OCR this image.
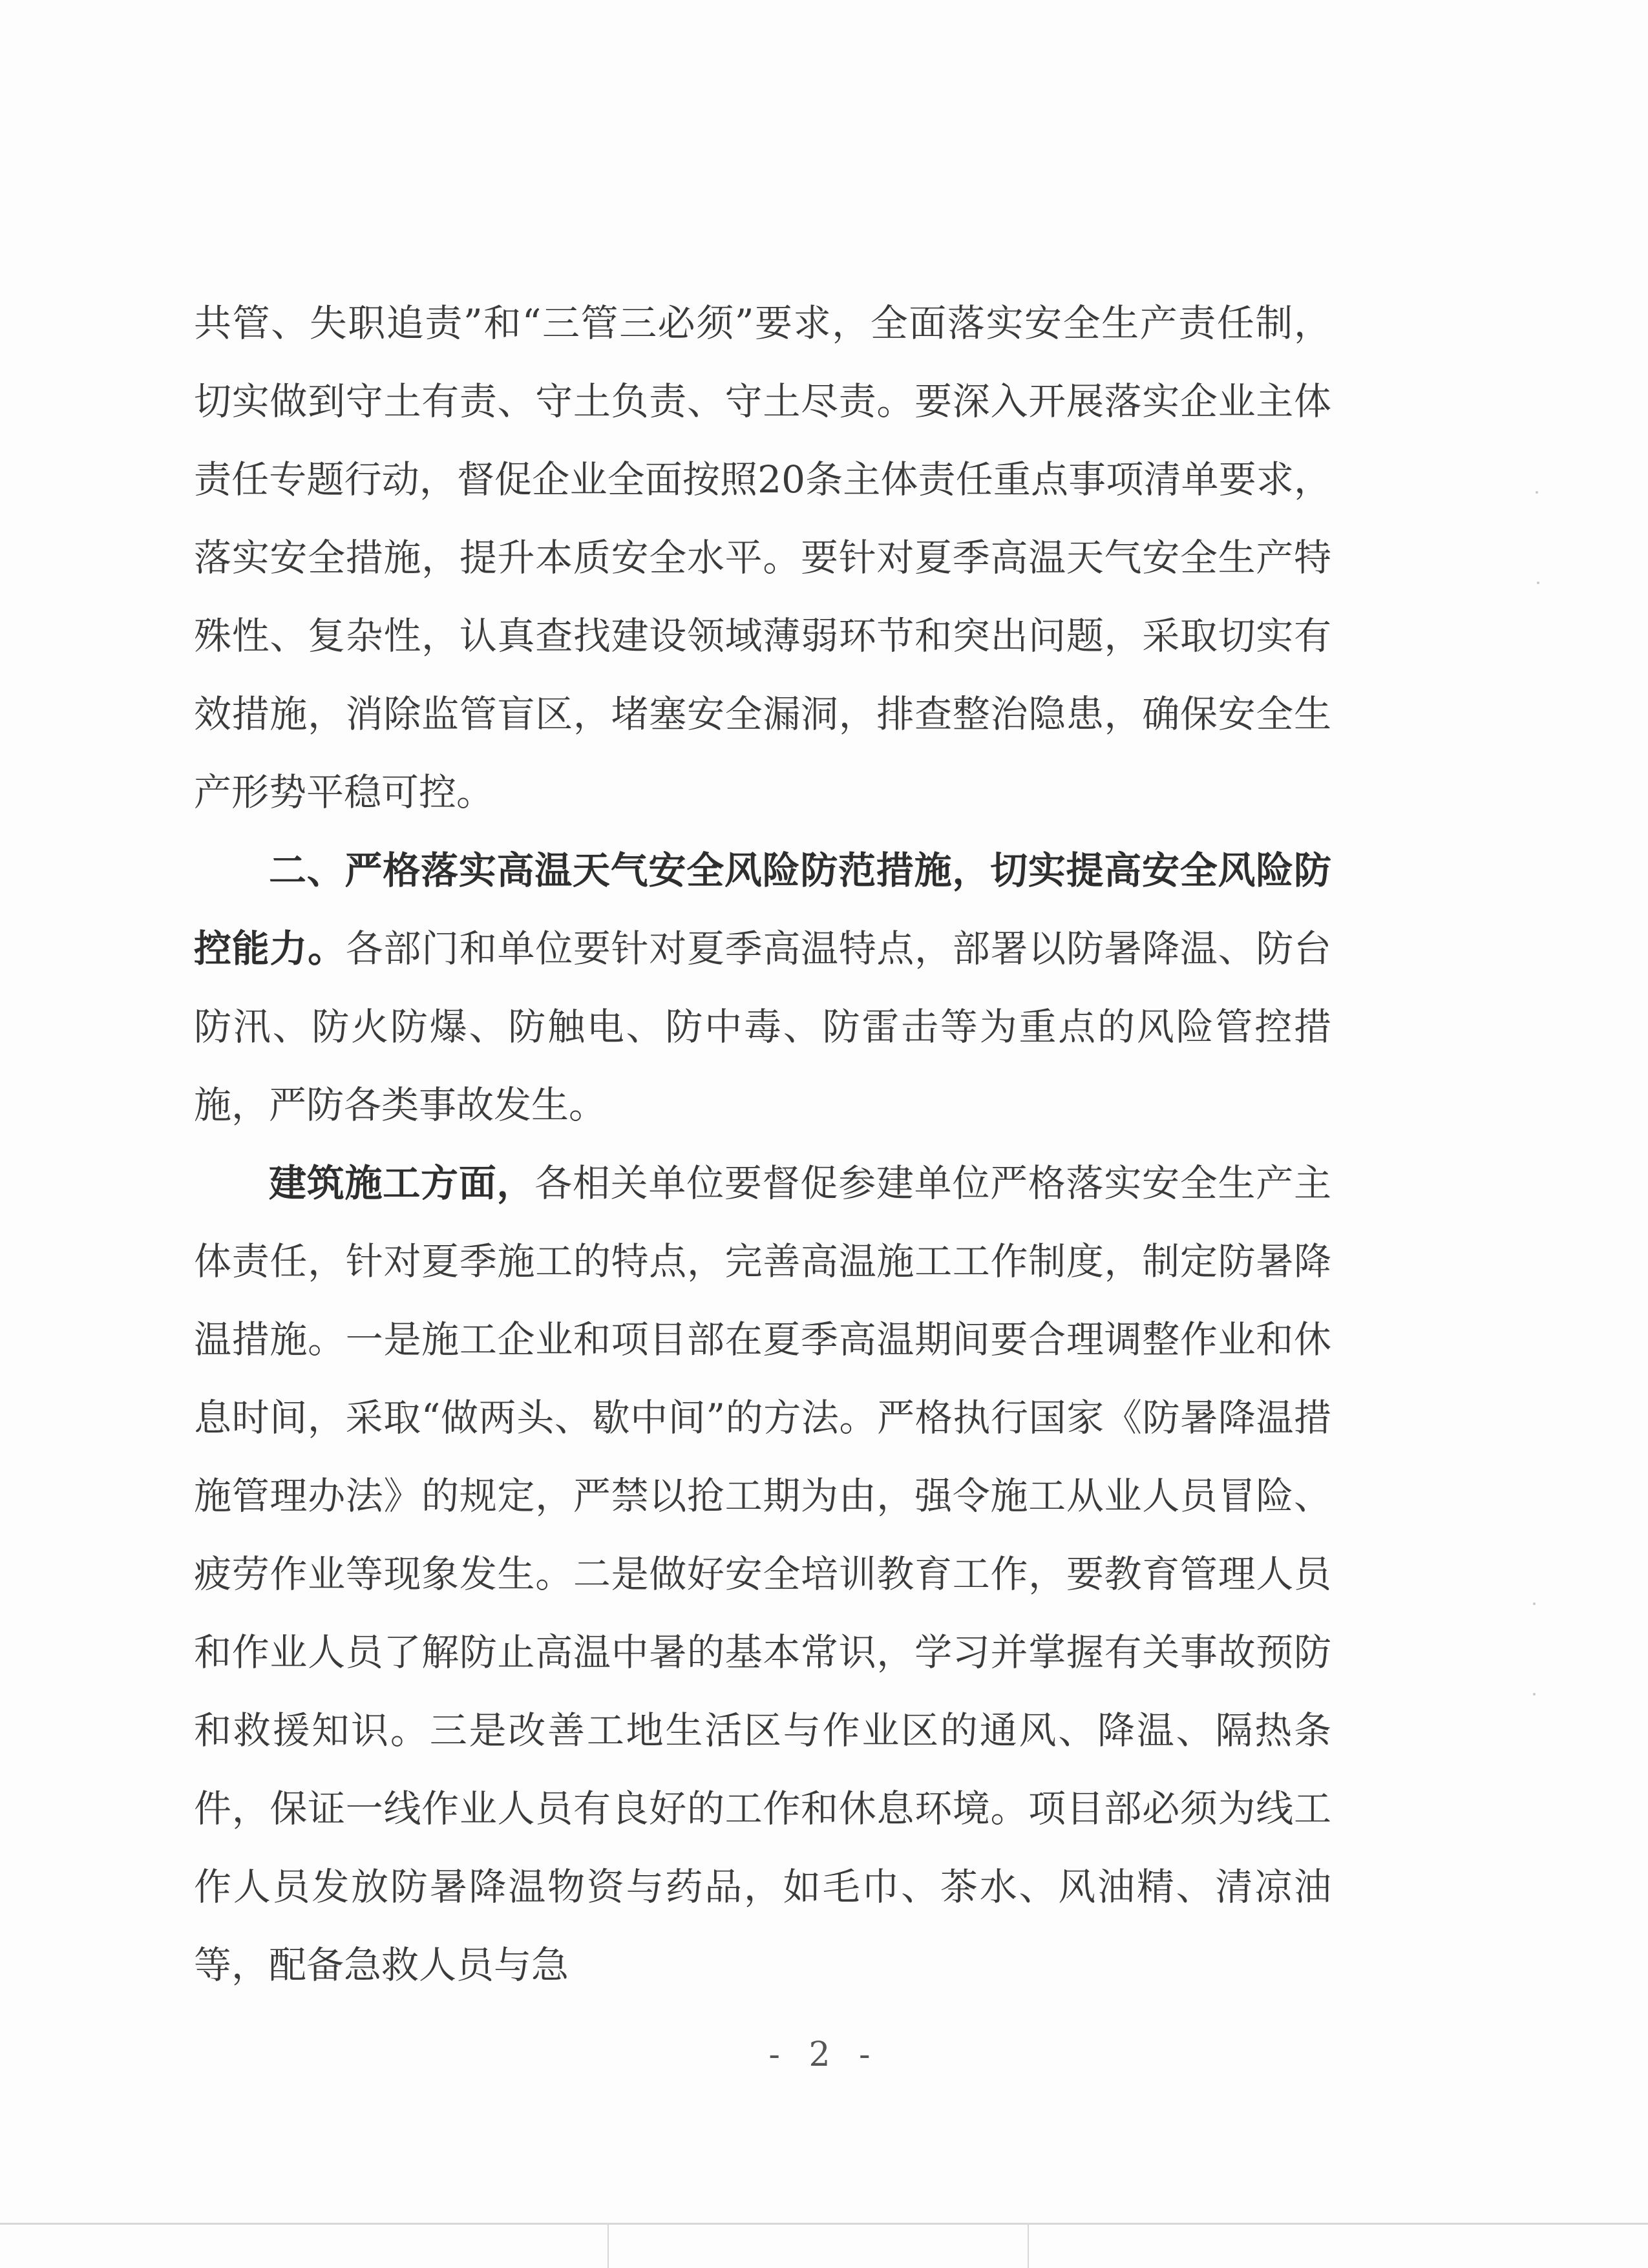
共管、失职追责”和“三管三必须”要求，全面落实安全生产责任制，切实做到守土有责、守土负责、守土尽责。要深入开展落实企业主体责任专题行动，督促企业全面按照20条主体责任重点事项清单要求，落实安全措施，提升本质安全水平。要针对夏季高温天气安全生产特殊性、复杂性，认真查找建设领域薄弱环节和突出问题，采取切实有效措施，消除监管盲区，堵塞安全漏洞，排查整治隐患，确保安全生产形势平稳可控。

二、严格落实高温天气安全风险防范措施，切实提高安全风险防控能力。各部门和单位要针对夏季高温特点，部署以防暑降温、防台防汛、防火防爆、防触电、防中毒、防雷击等为重点的风险管控措施，严防各类事故发生。

建筑施工方面，各相关单位要督促参建单位严格落实安全生产主体责任，针对夏季施工的特点，完善高温施工工作制度，制定防暑降温措施。一是施工企业和项目部在夏季高温期间要合理调整作业和休息时间，采取“做两头、歇中间”的方法。严格执行国家《防暑降温措施管理办法》的规定，严禁以抢工期为由，强令施工从业人员冒险、疲劳作业等现象发生。二是做好安全培训教育工作，要教育管理人员和作业人员了解防止高温中暑的基本常识，学习并掌握有关事故预防和救援知识。三是改善工地生活区与作业区的通风、降温、隔热条件，保证一线作业人员有良好的工作和休息环境。项目部必须为线工作人员发放防暑降温物资与药品，如毛巾、茶水、风油精、清凉油等，配备急救人员与急

- 2 -
